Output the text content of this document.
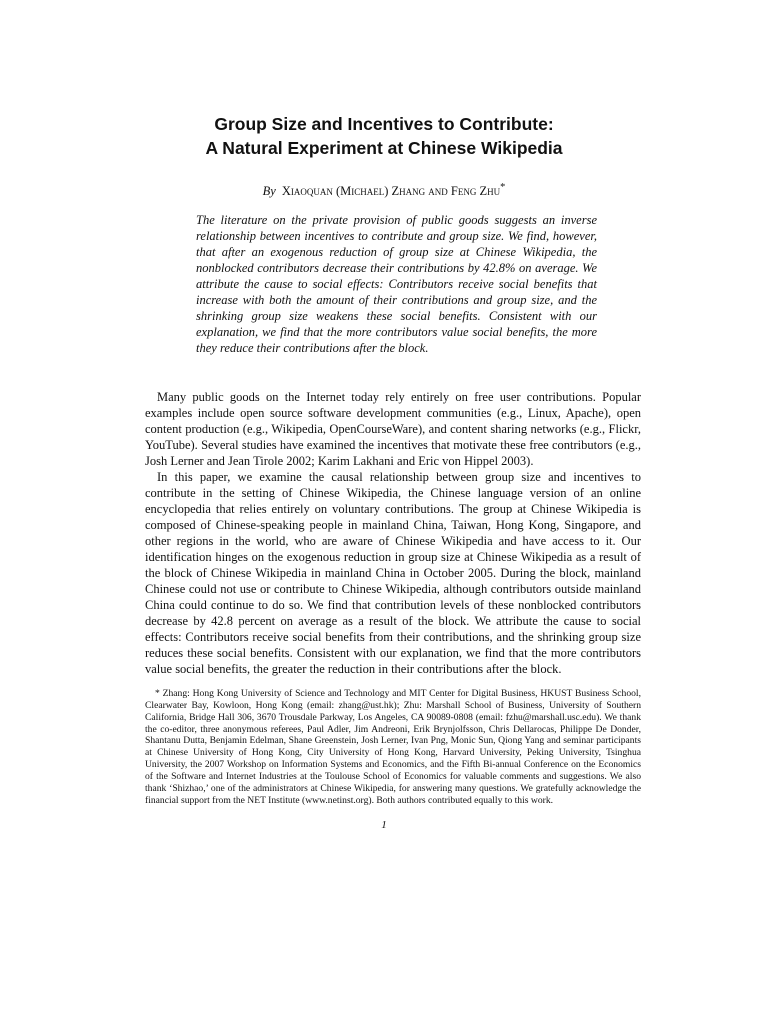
Group Size and Incentives to Contribute:
A Natural Experiment at Chinese Wikipedia
By Xiaoquan (Michael) Zhang and Feng Zhu*

The literature on the private provision of public goods suggests an inverse relationship between incentives to contribute and group size. We find, however, that after an exogenous reduction of group size at Chinese Wikipedia, the nonblocked contributors decrease their contributions by 42.8% on average. We attribute the cause to social effects: Contributors receive social benefits that increase with both the amount of their contributions and group size, and the shrinking group size weakens these social benefits. Consistent with our explanation, we find that the more contributors value social benefits, the more they reduce their contributions after the block.

Many public goods on the Internet today rely entirely on free user contributions. Popular examples include open source software development communities (e.g., Linux, Apache), open content production (e.g., Wikipedia, OpenCourseWare), and content sharing networks (e.g., Flickr, YouTube). Several studies have examined the incentives that motivate these free contributors (e.g., Josh Lerner and Jean Tirole 2002; Karim Lakhani and Eric von Hippel 2003).

In this paper, we examine the causal relationship between group size and incentives to contribute in the setting of Chinese Wikipedia, the Chinese language version of an online encyclopedia that relies entirely on voluntary contributions. The group at Chinese Wikipedia is composed of Chinese-speaking people in mainland China, Taiwan, Hong Kong, Singapore, and other regions in the world, who are aware of Chinese Wikipedia and have access to it. Our identification hinges on the exogenous reduction in group size at Chinese Wikipedia as a result of the block of Chinese Wikipedia in mainland China in October 2005. During the block, mainland Chinese could not use or contribute to Chinese Wikipedia, although contributors outside mainland China could continue to do so. We find that contribution levels of these nonblocked contributors decrease by 42.8 percent on average as a result of the block. We attribute the cause to social effects: Contributors receive social benefits from their contributions, and the shrinking group size reduces these social benefits. Consistent with our explanation, we find that the more contributors value social benefits, the greater the reduction in their contributions after the block.

* Zhang: Hong Kong University of Science and Technology and MIT Center for Digital Business, HKUST Business School, Clearwater Bay, Kowloon, Hong Kong (email: zhang@ust.hk); Zhu: Marshall School of Business, University of Southern California, Bridge Hall 306, 3670 Trousdale Parkway, Los Angeles, CA 90089-0808 (email: fzhu@marshall.usc.edu). We thank the co-editor, three anonymous referees, Paul Adler, Jim Andreoni, Erik Brynjolfsson, Chris Dellarocas, Philippe De Donder, Shantanu Dutta, Benjamin Edelman, Shane Greenstein, Josh Lerner, Ivan Png, Monic Sun, Qiong Yang and seminar participants at Chinese University of Hong Kong, City University of Hong Kong, Harvard University, Peking University, Tsinghua University, the 2007 Workshop on Information Systems and Economics, and the Fifth Bi-annual Conference on the Economics of the Software and Internet Industries at the Toulouse School of Economics for valuable comments and suggestions. We also thank ‘Shizhao,’ one of the administrators at Chinese Wikipedia, for answering many questions. We gratefully acknowledge the financial support from the NET Institute (www.netinst.org). Both authors contributed equally to this work.

1
